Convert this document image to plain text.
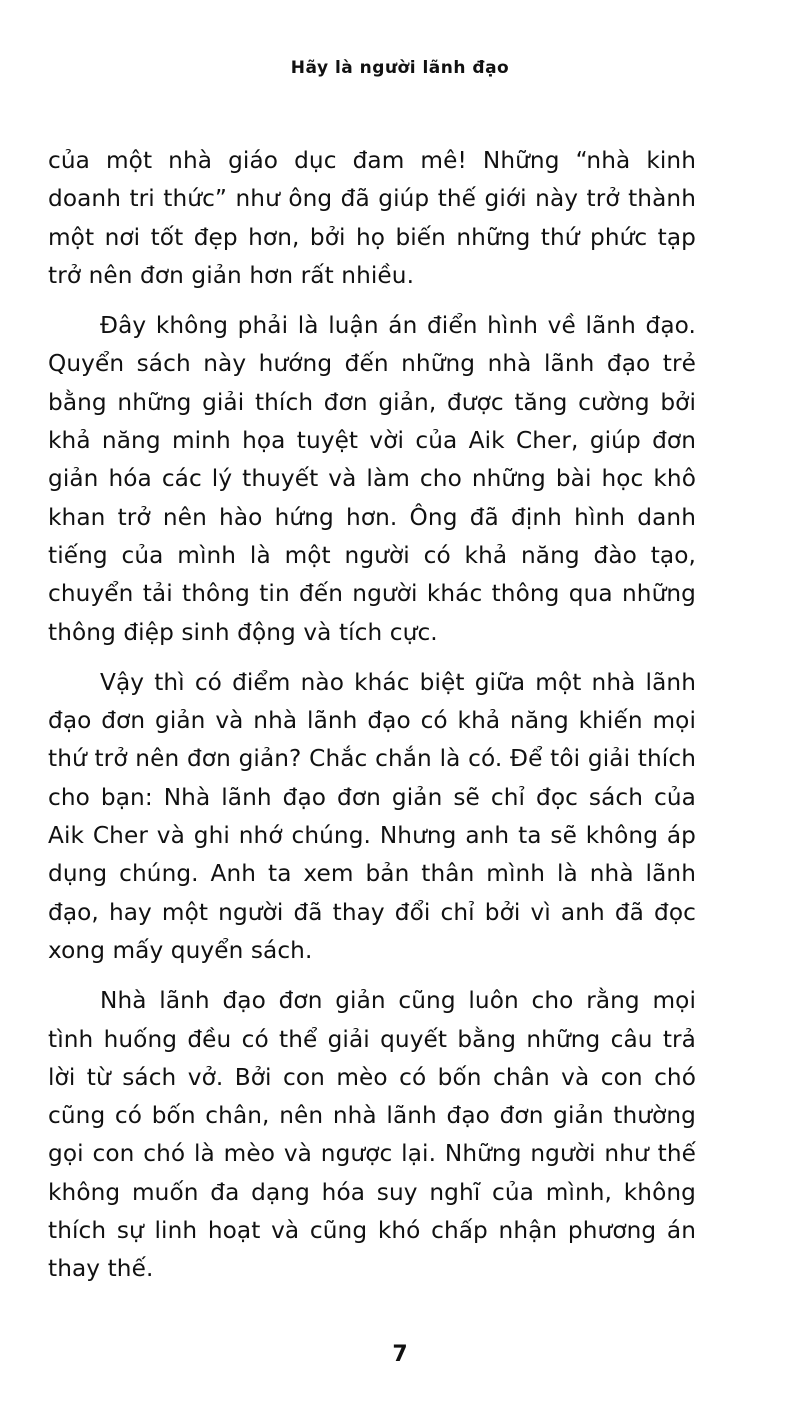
Hãy là người lãnh đạo

của một nhà giáo dục đam mê! Những “nhà kinh doanh tri thức” như ông đã giúp thế giới này trở thành một nơi tốt đẹp hơn, bởi họ biến những thứ phức tạp trở nên đơn giản hơn rất nhiều.

Đây không phải là luận án điển hình về lãnh đạo. Quyển sách này hướng đến những nhà lãnh đạo trẻ bằng những giải thích đơn giản, được tăng cường bởi khả năng minh họa tuyệt vời của Aik Cher, giúp đơn giản hóa các lý thuyết và làm cho những bài học khô khan trở nên hào hứng hơn. Ông đã định hình danh tiếng của mình là một người có khả năng đào tạo, chuyển tải thông tin đến người khác thông qua những thông điệp sinh động và tích cực.

Vậy thì có điểm nào khác biệt giữa một nhà lãnh đạo đơn giản và nhà lãnh đạo có khả năng khiến mọi thứ trở nên đơn giản? Chắc chắn là có. Để tôi giải thích cho bạn: Nhà lãnh đạo đơn giản sẽ chỉ đọc sách của Aik Cher và ghi nhớ chúng. Nhưng anh ta sẽ không áp dụng chúng. Anh ta xem bản thân mình là nhà lãnh đạo, hay một người đã thay đổi chỉ bởi vì anh đã đọc xong mấy quyển sách.

Nhà lãnh đạo đơn giản cũng luôn cho rằng mọi tình huống đều có thể giải quyết bằng những câu trả lời từ sách vở. Bởi con mèo có bốn chân và con chó cũng có bốn chân, nên nhà lãnh đạo đơn giản thường gọi con chó là mèo và ngược lại. Những người như thế không muốn đa dạng hóa suy nghĩ của mình, không thích sự linh hoạt và cũng khó chấp nhận phương án thay thế.

7
